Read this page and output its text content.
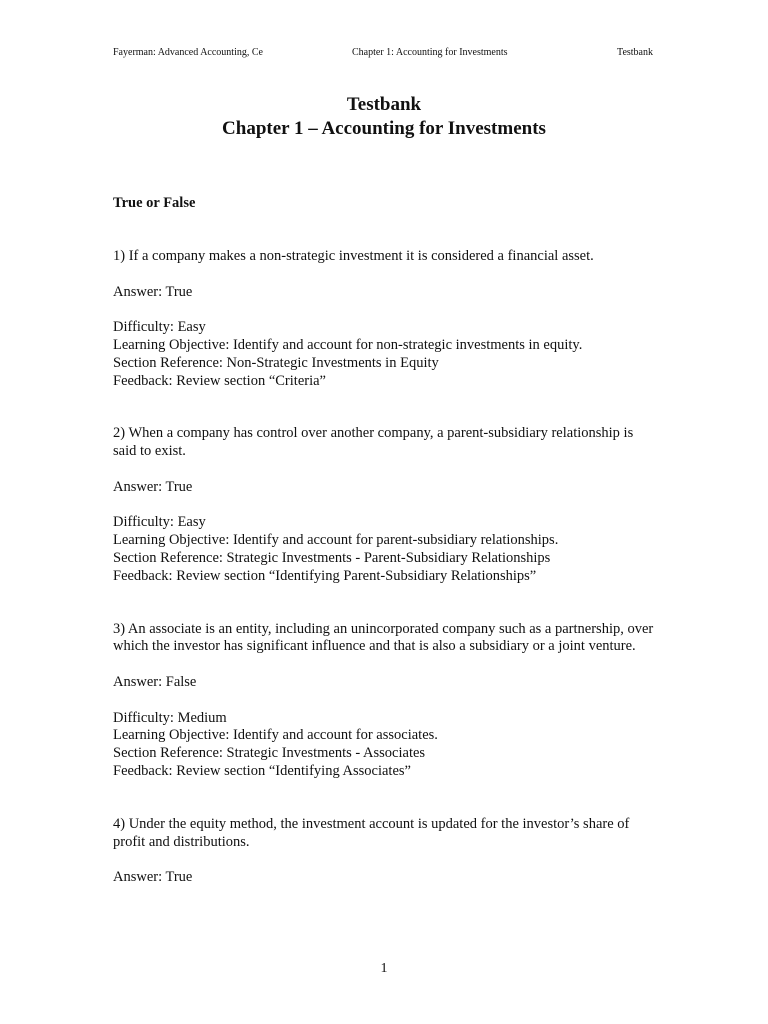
Fayerman: Advanced Accounting, Ce	Chapter 1: Accounting for Investments	Testbank
Testbank
Chapter 1 – Accounting for Investments
True or False
1) If a company makes a non-strategic investment it is considered a financial asset.
Answer: True
Difficulty: Easy
Learning Objective: Identify and account for non-strategic investments in equity.
Section Reference: Non-Strategic Investments in Equity
Feedback: Review section “Criteria”
2) When a company has control over another company, a parent-subsidiary relationship is said to exist.
Answer: True
Difficulty: Easy
Learning Objective: Identify and account for parent-subsidiary relationships.
Section Reference: Strategic Investments - Parent-Subsidiary Relationships
Feedback: Review section “Identifying Parent-Subsidiary Relationships”
3) An associate is an entity, including an unincorporated company such as a partnership, over which the investor has significant influence and that is also a subsidiary or a joint venture.
Answer: False
Difficulty: Medium
Learning Objective: Identify and account for associates.
Section Reference: Strategic Investments - Associates
Feedback: Review section “Identifying Associates”
4) Under the equity method, the investment account is updated for the investor’s share of profit and distributions.
Answer: True
1
